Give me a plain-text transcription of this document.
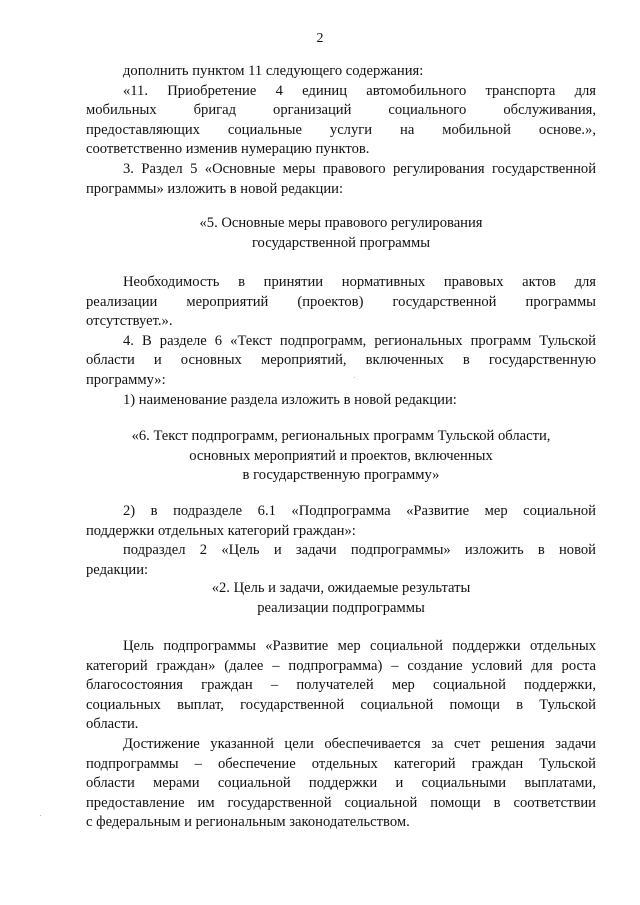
2
дополнить пунктом 11 следующего содержания:
«11. Приобретение 4 единиц автомобильного транспорта для
мобильных бригад организаций социального обслуживания,
предоставляющих социальные услуги на мобильной основе.»,
соответственно изменив нумерацию пунктов.
3. Раздел 5 «Основные меры правового регулирования государственной
программы» изложить в новой редакции:
«5. Основные меры правового регулирования
государственной программы
Необходимость в принятии нормативных правовых актов для
реализации мероприятий (проектов) государственной программы
отсутствует.».
4. В разделе 6 «Текст подпрограмм, региональных программ Тульской
области и основных мероприятий, включенных в государственную
программу»:
1) наименование раздела изложить в новой редакции:
«6. Текст подпрограмм, региональных программ Тульской области,
основных мероприятий и проектов, включенных
в государственную программу»
2) в подразделе 6.1 «Подпрограмма «Развитие мер социальной
поддержки отдельных категорий граждан»:
подраздел 2 «Цель и задачи подпрограммы» изложить в новой
редакции:
«2. Цель и задачи, ожидаемые результаты
реализации подпрограммы
Цель подпрограммы «Развитие мер социальной поддержки отдельных
категорий граждан» (далее – подпрограмма) – создание условий для роста
благосостояния граждан – получателей мер социальной поддержки,
социальных выплат, государственной социальной помощи в Тульской
области.
Достижение указанной цели обеспечивается за счет решения задачи
подпрограммы – обеспечение отдельных категорий граждан Тульской
области мерами социальной поддержки и социальными выплатами,
предоставление им государственной социальной помощи в соответствии
с федеральным и региональным законодательством.
